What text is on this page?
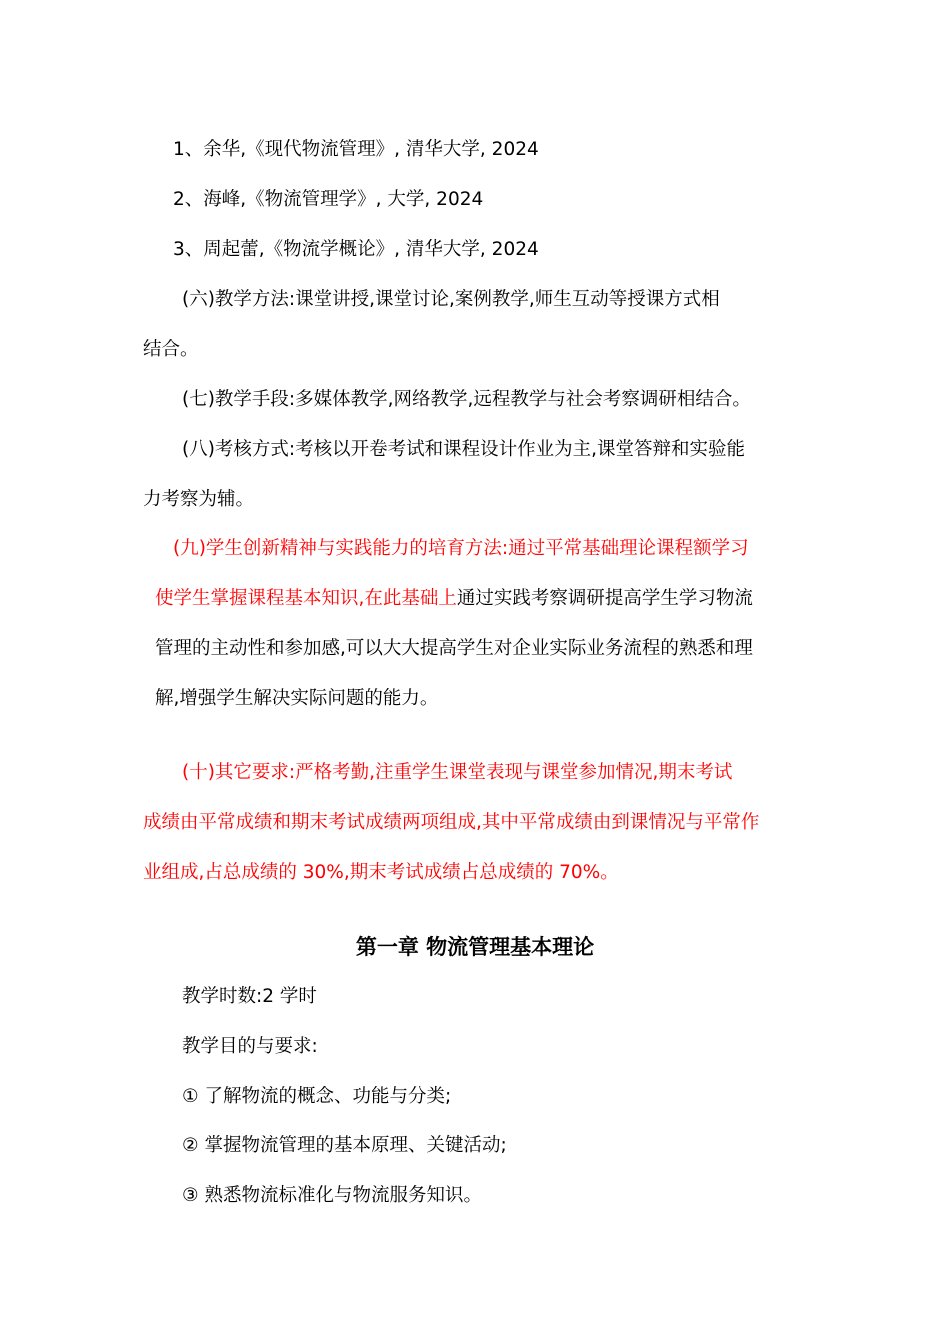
1、余华,《现代物流管理》, 清华大学, 2024
2、海峰,《物流管理学》, 大学, 2024
3、周起蕾,《物流学概论》, 清华大学, 2024
(六)教学方法:课堂讲授,课堂讨论,案例教学,师生互动等授课方式相
结合。
(七)教学手段:多媒体教学,网络教学,远程教学与社会考察调研相结合。
(八)考核方式:考核以开卷考试和课程设计作业为主,课堂答辩和实验能
力考察为辅。
(九)学生创新精神与实践能力的培育方法:通过平常基础理论课程额学习
使学生掌握课程基本知识,在此基础上通过实践考察调研提高学生学习物流
管理的主动性和参加感,可以大大提高学生对企业实际业务流程的熟悉和理
解,增强学生解决实际问题的能力。
(十)其它要求:严格考勤,注重学生课堂表现与课堂参加情况,期末考试
成绩由平常成绩和期末考试成绩两项组成,其中平常成绩由到课情况与平常作
业组成,占总成绩的 30%,期末考试成绩占总成绩的 70%。
第一章 物流管理基本理论
教学时数:2 学时
教学目的与要求:
① 了解物流的概念、功能与分类;
② 掌握物流管理的基本原理、关键活动;
③ 熟悉物流标准化与物流服务知识。
